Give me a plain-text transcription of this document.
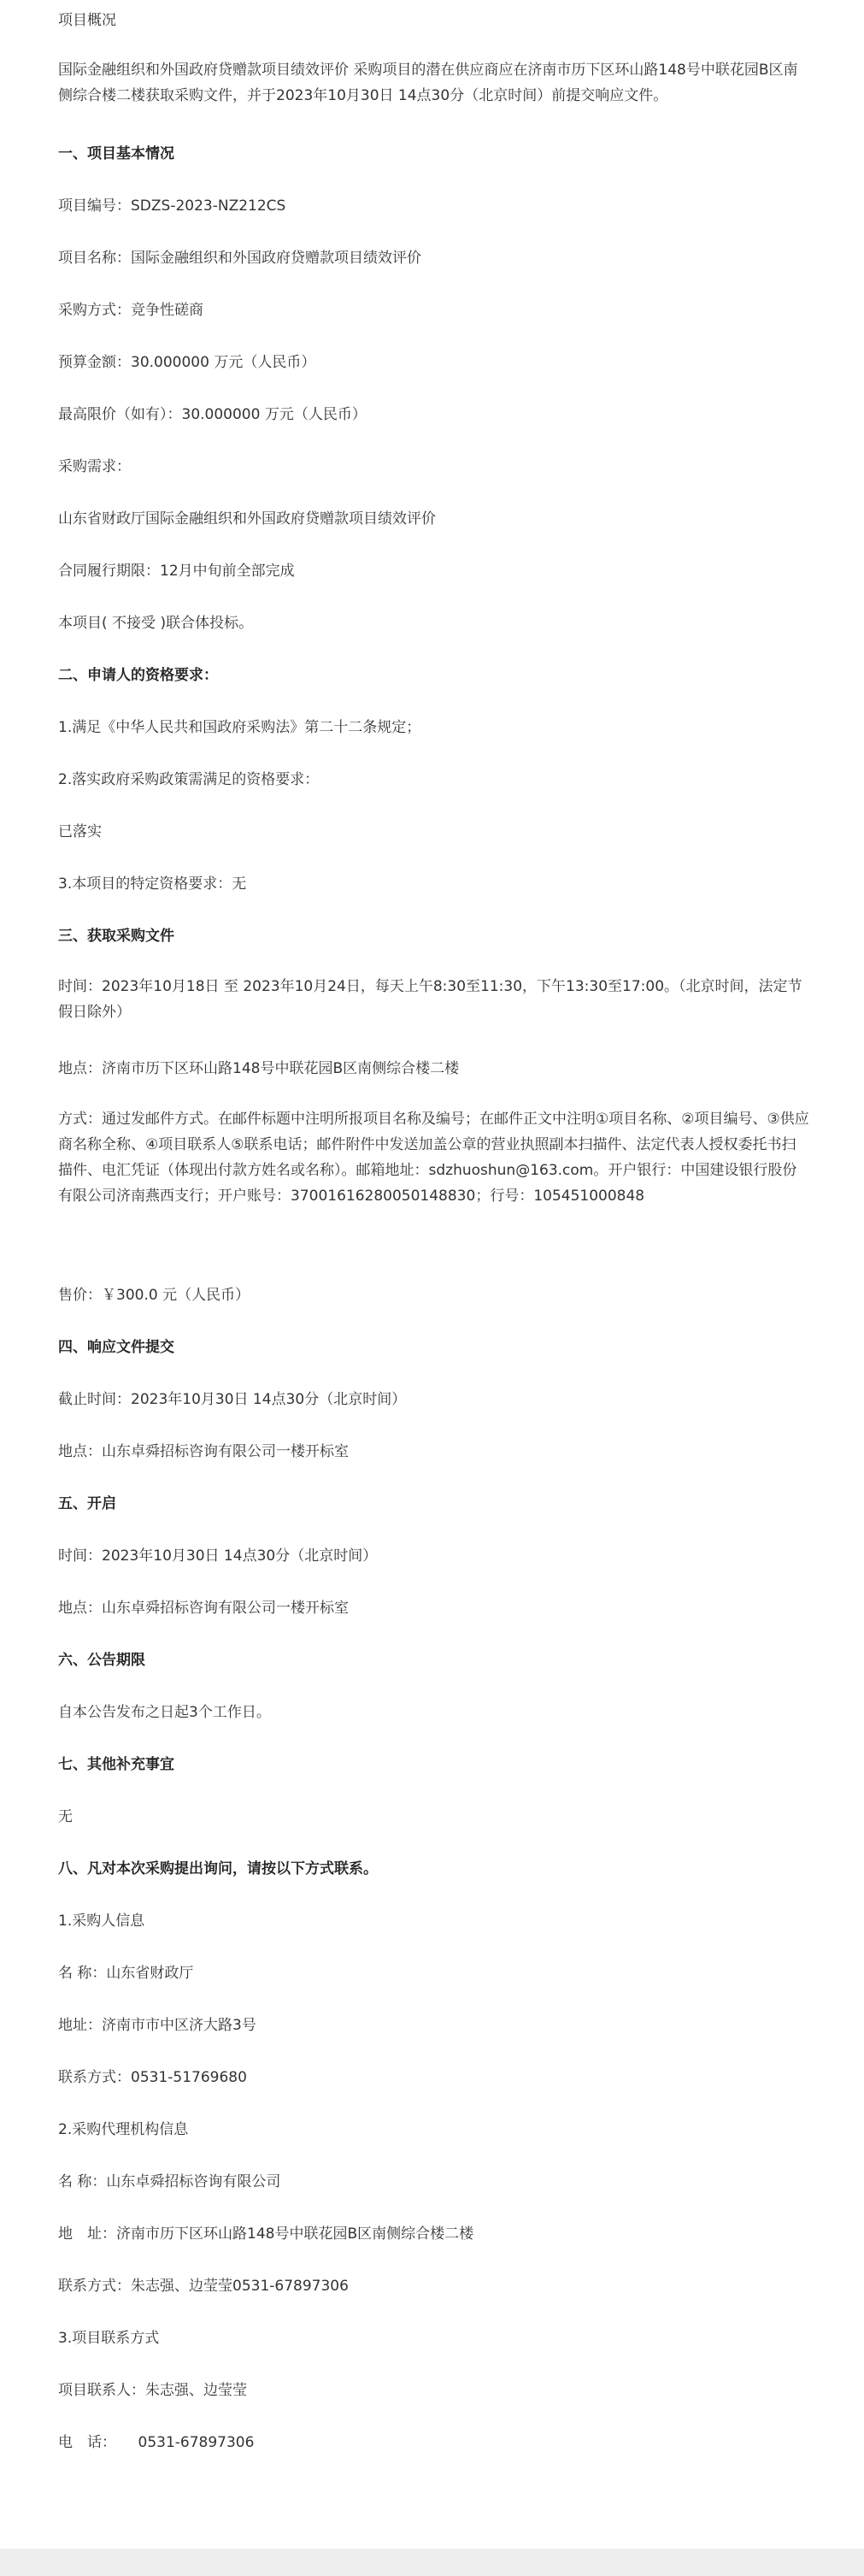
项目概况

国际金融组织和外国政府贷赠款项目绩效评价 采购项目的潜在供应商应在济南市历下区环山路148号中联花园B区南侧综合楼二楼获取采购文件，并于2023年10月30日 14点30分（北京时间）前提交响应文件。

一、项目基本情况

项目编号：SDZS-2023-NZ212CS

项目名称：国际金融组织和外国政府贷赠款项目绩效评价

采购方式：竞争性磋商

预算金额：30.000000 万元（人民币）

最高限价（如有）：30.000000 万元（人民币）

采购需求：

山东省财政厅国际金融组织和外国政府贷赠款项目绩效评价

合同履行期限：12月中旬前全部完成

本项目( 不接受 )联合体投标。

二、申请人的资格要求：

1.满足《中华人民共和国政府采购法》第二十二条规定；

2.落实政府采购政策需满足的资格要求：

已落实

3.本项目的特定资格要求：无

三、获取采购文件

时间：2023年10月18日 至 2023年10月24日，每天上午8:30至11:30，下午13:30至17:00。（北京时间，法定节假日除外）

地点：济南市历下区环山路148号中联花园B区南侧综合楼二楼

方式：通过发邮件方式。在邮件标题中注明所报项目名称及编号；在邮件正文中注明①项目名称、②项目编号、③供应商名称全称、④项目联系人⑤联系电话；邮件附件中发送加盖公章的营业执照副本扫描件、法定代表人授权委托书扫描件、电汇凭证（体现出付款方姓名或名称）。邮箱地址：sdzhuoshun@163.com。开户银行：中国建设银行股份有限公司济南燕西支行；开户账号：37001616280050148830；行号：105451000848

售价：￥300.0 元（人民币）

四、响应文件提交

截止时间：2023年10月30日 14点30分（北京时间）

地点：山东卓舜招标咨询有限公司一楼开标室

五、开启

时间：2023年10月30日 14点30分（北京时间）

地点：山东卓舜招标咨询有限公司一楼开标室

六、公告期限

自本公告发布之日起3个工作日。

七、其他补充事宜

无

八、凡对本次采购提出询问，请按以下方式联系。

1.采购人信息

名 称：山东省财政厅

地址：济南市市中区济大路3号

联系方式：0531-51769680

2.采购代理机构信息

名 称：山东卓舜招标咨询有限公司

地　址：济南市历下区环山路148号中联花园B区南侧综合楼二楼

联系方式：朱志强、边莹莹0531-67897306

3.项目联系方式

项目联系人：朱志强、边莹莹

电　话：　　0531-67897306
